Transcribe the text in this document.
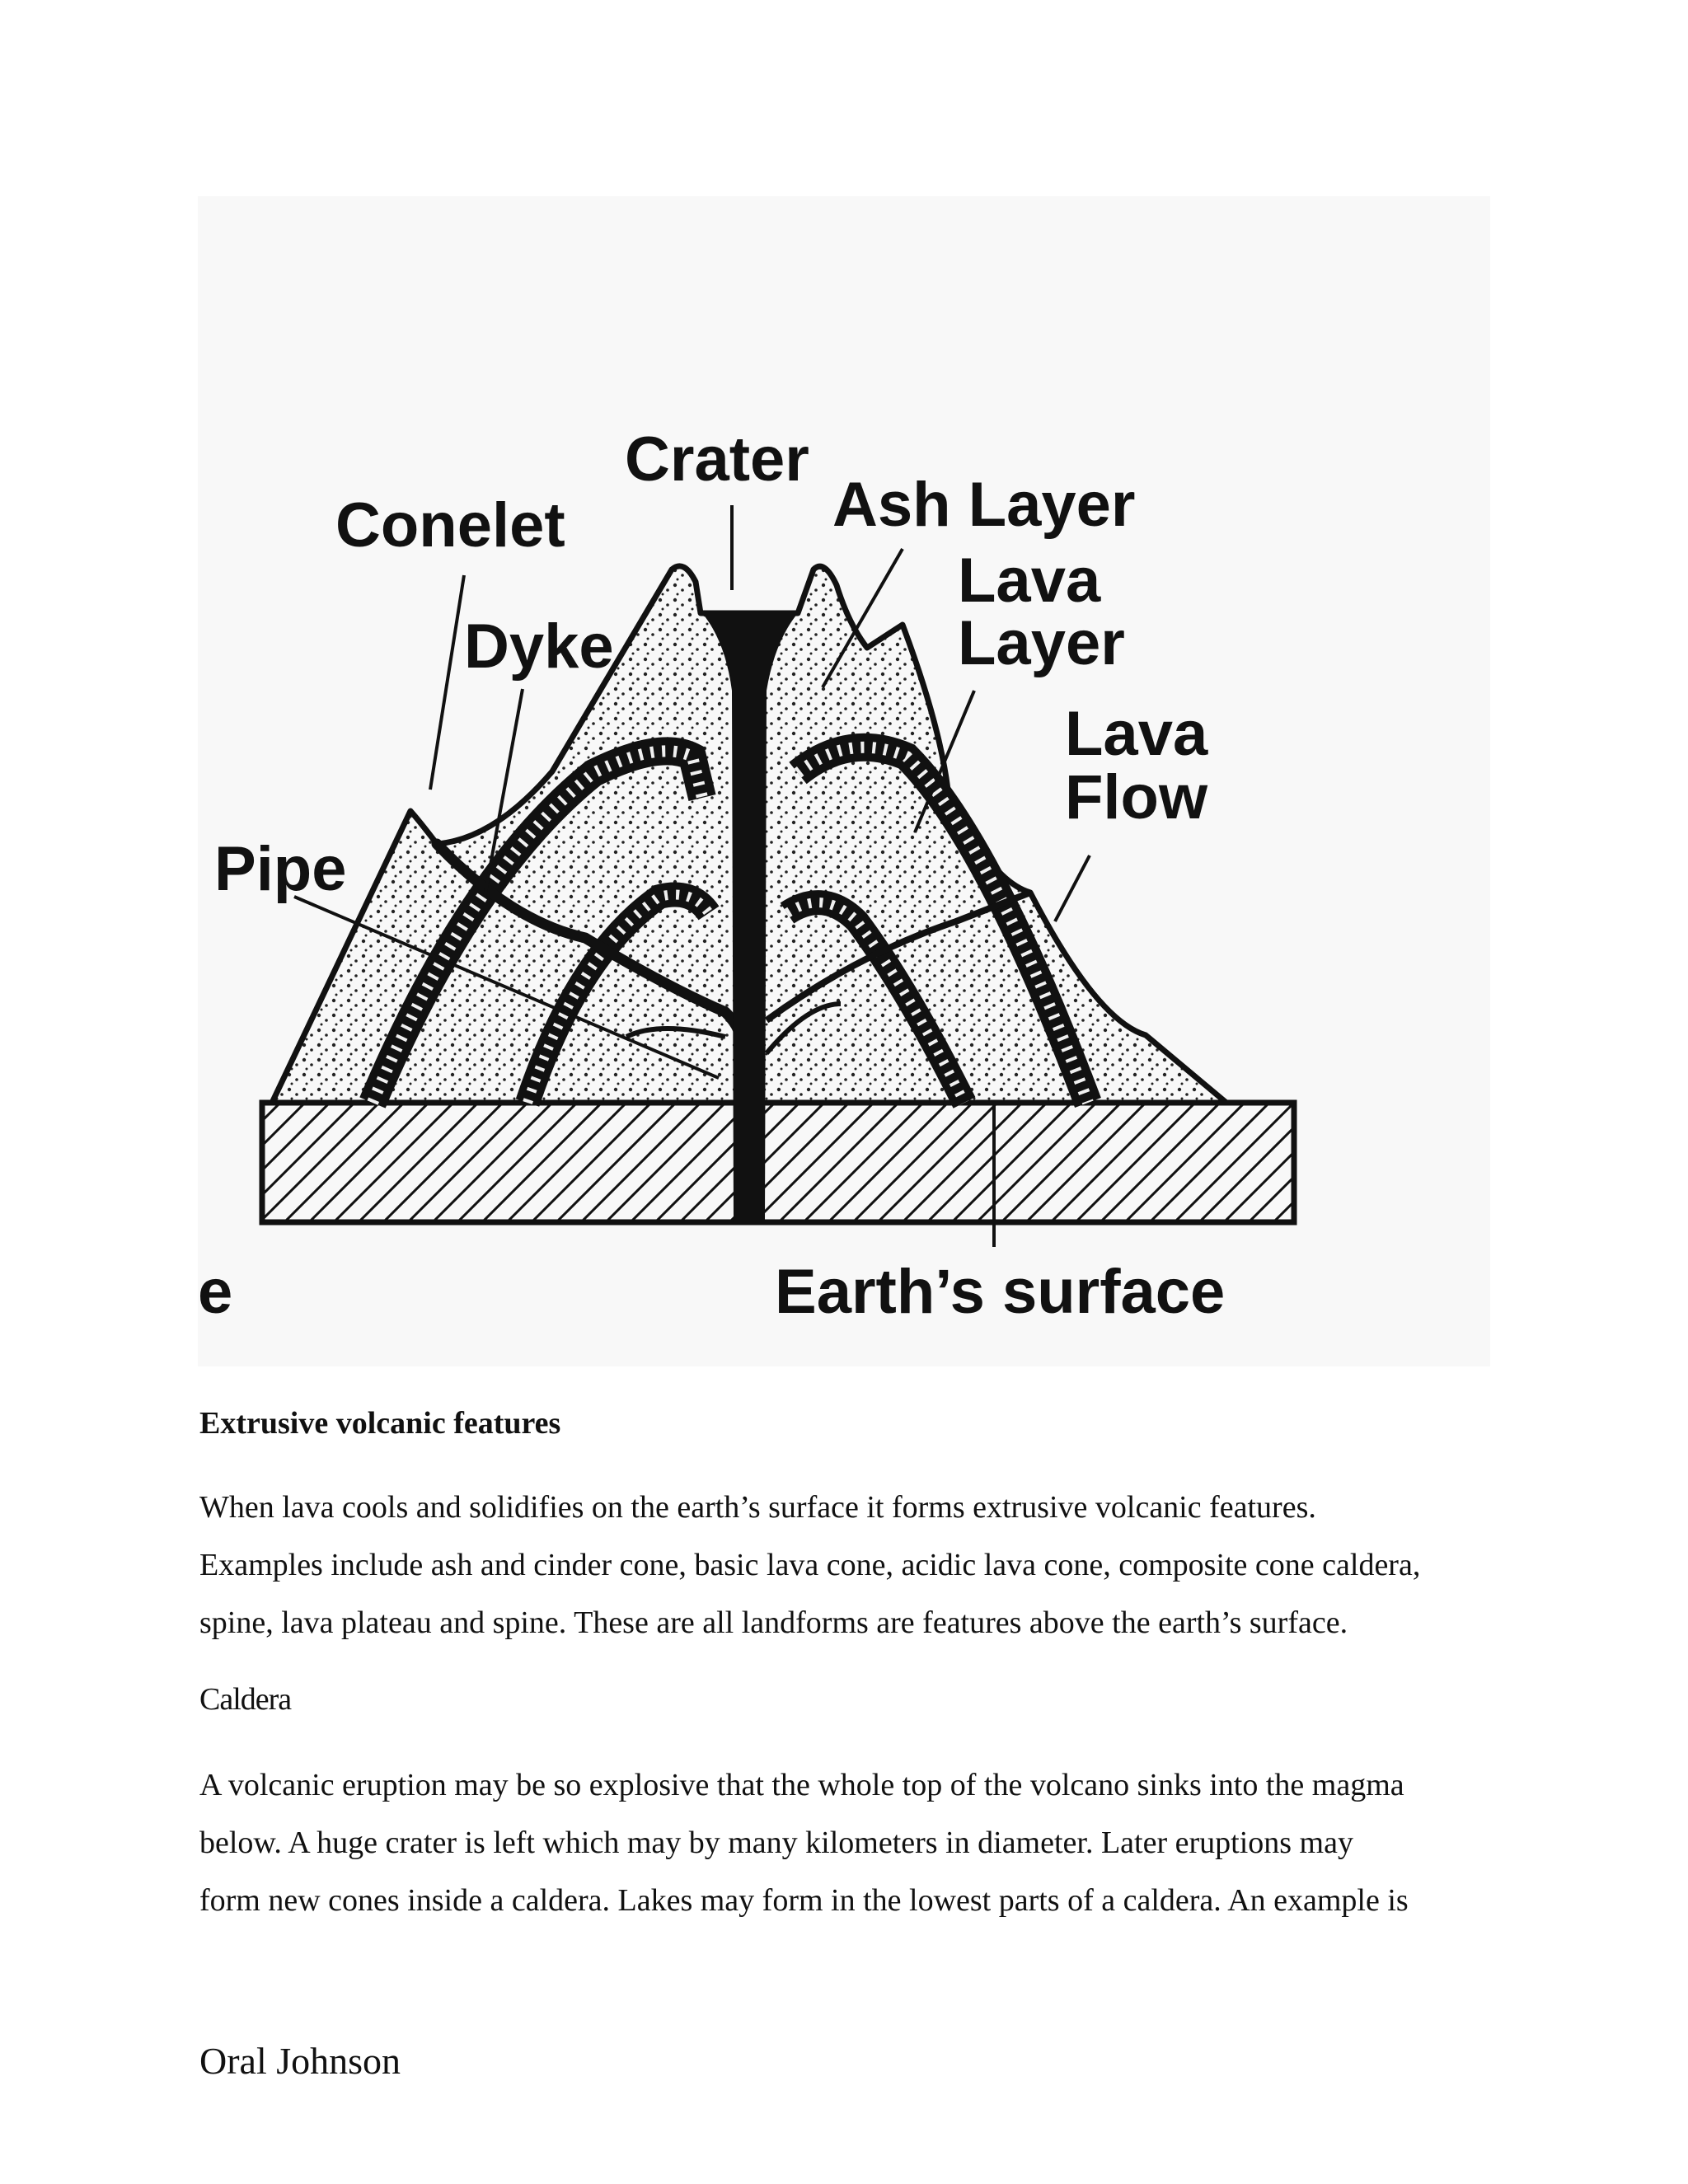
Crater
Conelet	Ash Layer
Lava
Layer
Dyke
Lava
Flow
Pipe
Earth’s surface
e
Extrusive volcanic features

When lava cools and solidifies on the earth’s surface it forms extrusive volcanic features.
Examples include ash and cinder cone, basic lava cone, acidic lava cone, composite cone caldera,
spine, lava plateau and spine. These are all landforms are features above the earth’s surface.

Caldera

A volcanic eruption may be so explosive that the whole top of the volcano sinks into the magma
below. A huge crater is left which may by many kilometers in diameter. Later eruptions may
form new cones inside a caldera. Lakes may form in the lowest parts of a caldera. An example is

Oral Johnson
